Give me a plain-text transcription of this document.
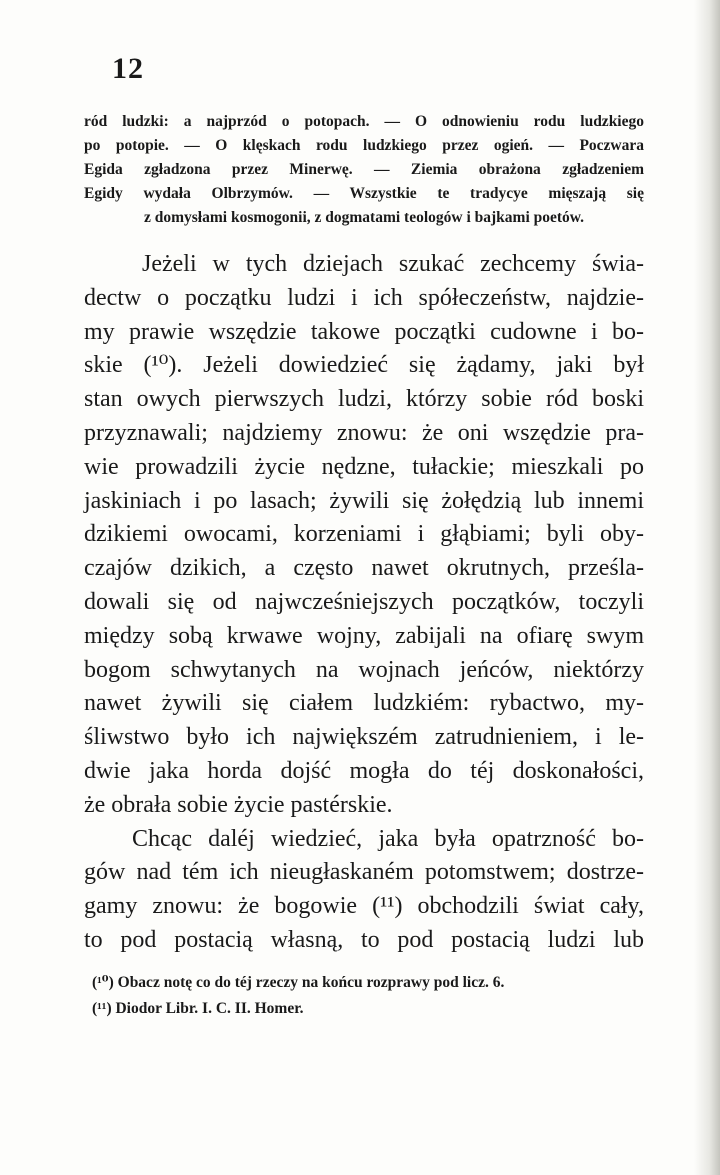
12
ród ludzki: a najprzód o potopach. — O odnowieniu rodu ludzkiego
po potopie. — O klęskach rodu ludzkiego przez ogień. — Poczwara
Egida zgładzona przez Minerwę. — Ziemia obrażona zgładzeniem
Egidy wydała Olbrzymów. — Wszystkie te tradycye mięszają się
z domysłami kosmogonii, z dogmatami teologów i bajkami poetów.
Jeżeli w tych dziejach szukać zechcemy świa-
dectw o początku ludzi i ich spółeczeństw, najdzie-
my prawie wszędzie takowe początki cudowne i bo-
skie (¹⁰). Jeżeli dowiedzieć się żądamy, jaki był
stan owych pierwszych ludzi, którzy sobie ród boski
przyznawali; najdziemy znowu: że oni wszędzie pra-
wie prowadzili życie nędzne, tułackie; mieszkali po
jaskiniach i po lasach; żywili się żołędzią lub innemi
dzikiemi owocami, korzeniami i głąbiami; byli oby-
czajów dzikich, a często nawet okrutnych, prześla-
dowali się od najwcześniejszych początków, toczyli
między sobą krwawe wojny, zabijali na ofiarę swym
bogom schwytanych na wojnach jeńców, niektórzy
nawet żywili się ciałem ludzkiém: rybactwo, my-
śliwstwo było ich największém zatrudnieniem, i le-
dwie jaka horda dojść mogła do téj doskonałości,
że obrała sobie życie pastérskie.
Chcąc daléj wiedzieć, jaka była opatrzność bo-
gów nad tém ich nieugłaskaném potomstwem; dostrze-
gamy znowu: że bogowie (¹¹) obchodzili świat cały,
to pod postacią własną, to pod postacią ludzi lub
(¹⁰) Obacz notę co do téj rzeczy na końcu rozprawy pod licz. 6.
(¹¹) Diodor Libr. I. C. II. Homer.
